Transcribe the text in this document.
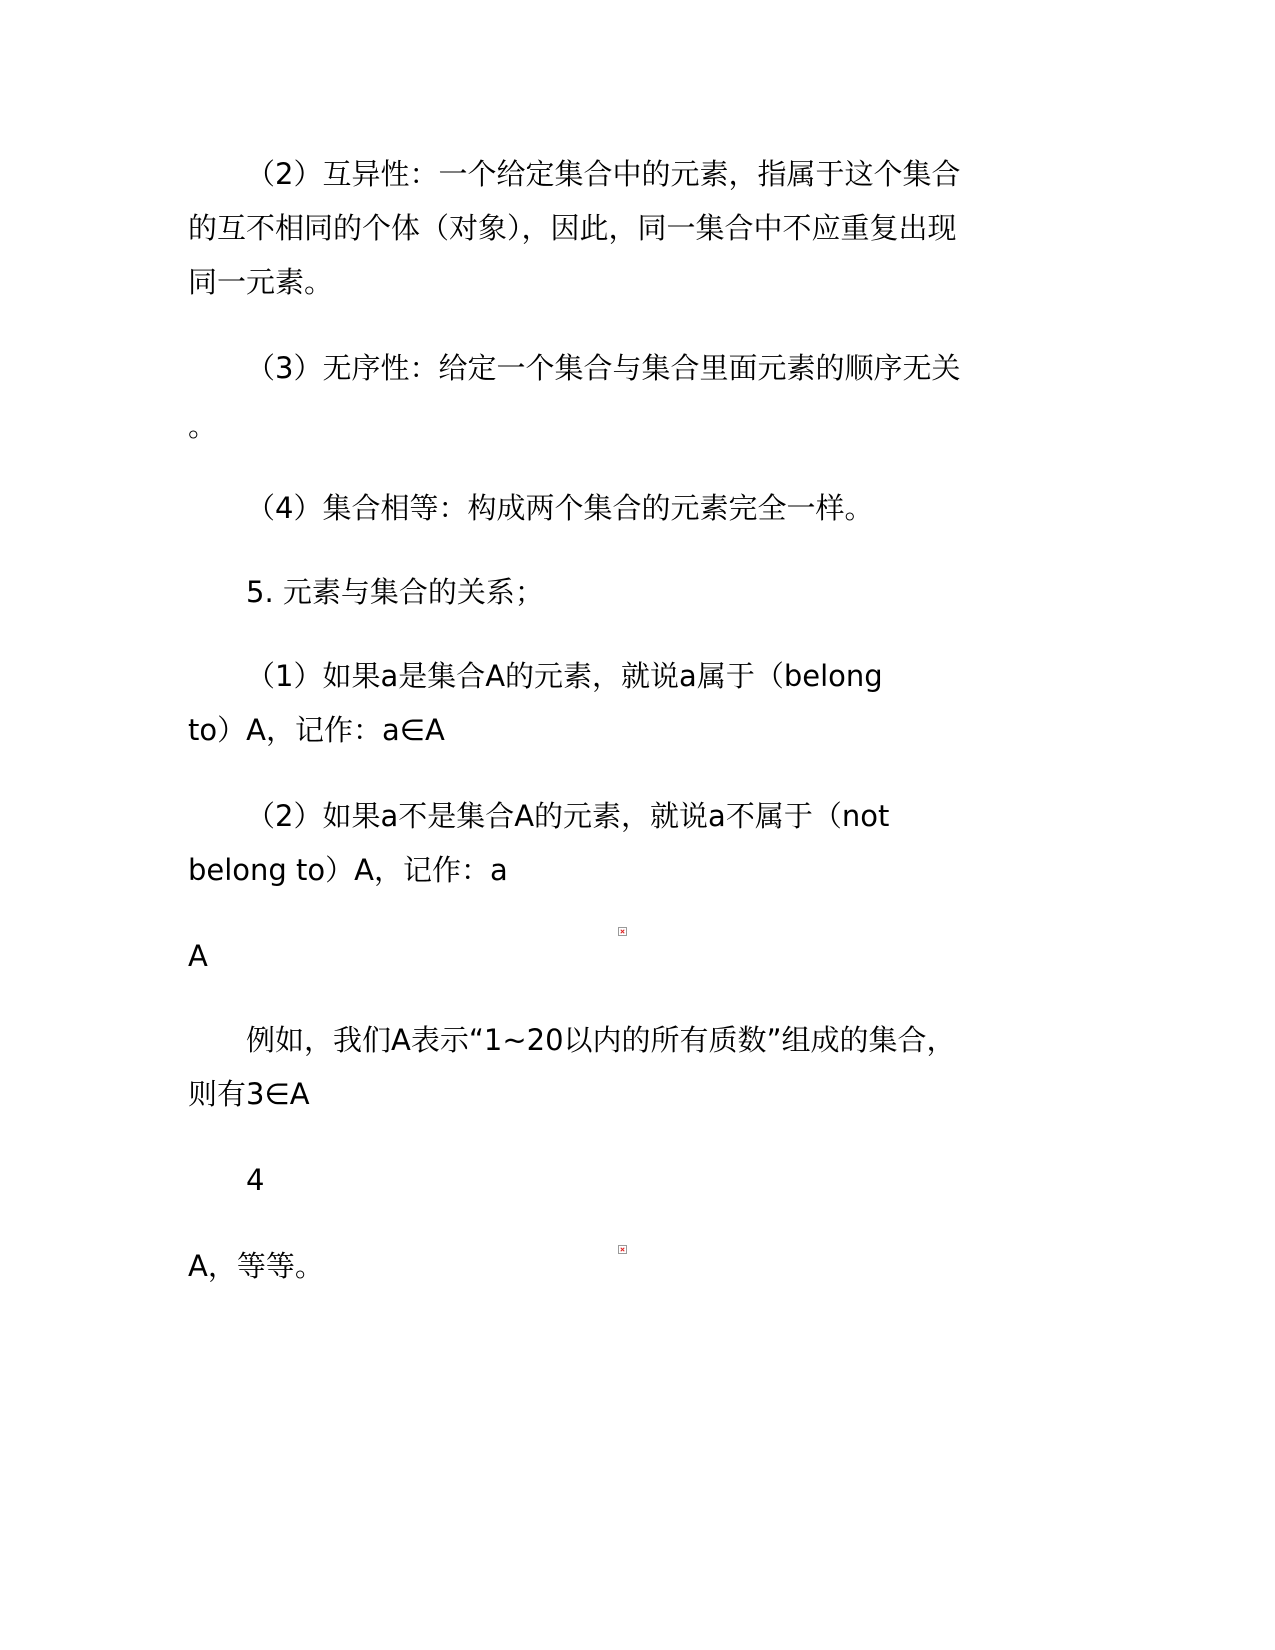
（2）互异性：一个给定集合中的元素，指属于这个集合
的互不相同的个体（对象），因此，同一集合中不应重复出现
同一元素。
（3）无序性：给定一个集合与集合里面元素的顺序无关
。
（4）集合相等：构成两个集合的元素完全一样。
5. 元素与集合的关系；
（1）如果a是集合A的元素，就说a属于（belong
to）A，记作：a∈A
（2）如果a不是集合A的元素，就说a不属于（not
belong to）A，记作：a
A
例如，我们A表示“1~20以内的所有质数”组成的集合，
则有3∈A
4
A，等等。
